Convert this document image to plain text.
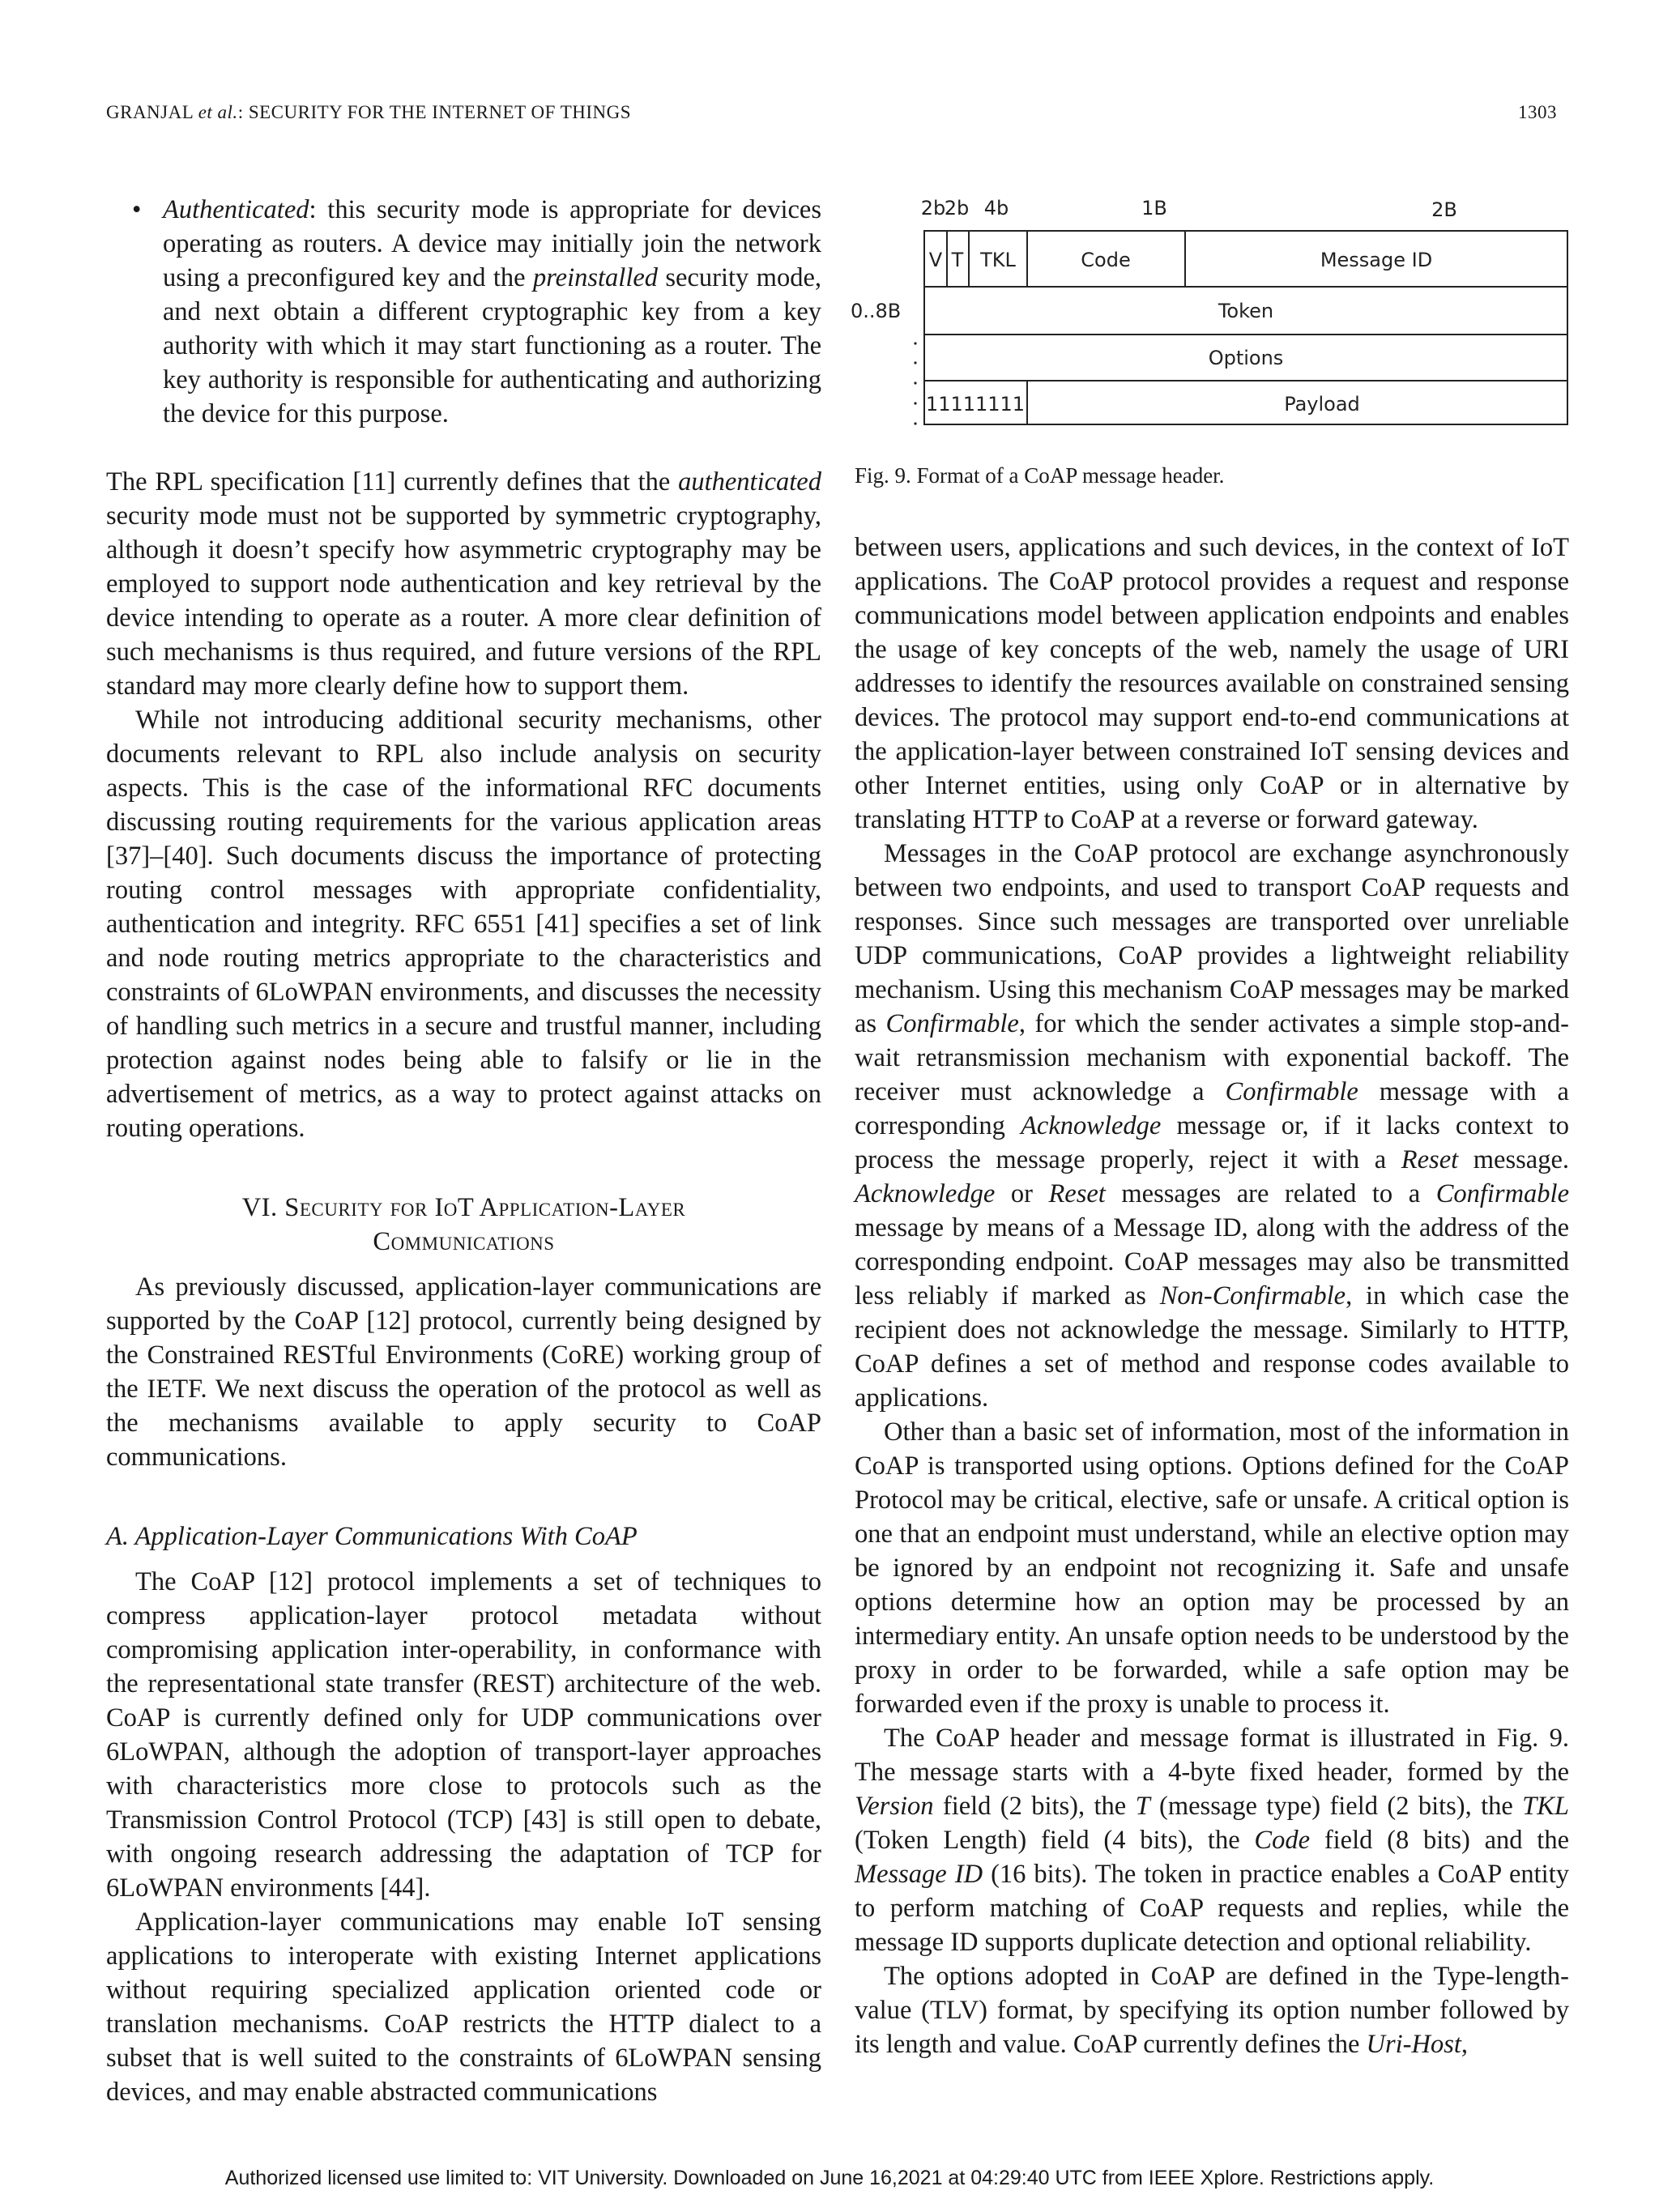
GRANJAL et al.: SECURITY FOR THE INTERNET OF THINGS	1303
2b
2b 4b	1B	2B
V T TKL	Code	Message ID
0..8B	Token
Options
11111111	Payload
Fig. 9. Format of a CoAP message header.
• Authenticated: this security mode is appropriate for devices operating as routers. A device may initially join the network using a preconfigured key and the preinstalled security mode, and next obtain a different cryptographic key from a key authority with which it may start functioning as a router. The key authority is responsible for authenticating and authorizing the device for this purpose.

The RPL specification [11] currently defines that the authenticated security mode must not be supported by symmetric cryptography, although it doesn’t specify how asymmetric cryptography may be employed to support node authentication and key retrieval by the device intending to operate as a router. A more clear definition of such mechanisms is thus required, and future versions of the RPL standard may more clearly define how to support them.

While not introducing additional security mechanisms, other documents relevant to RPL also include analysis on security aspects. This is the case of the informational RFC documents discussing routing requirements for the various application areas [37]–[40]. Such documents discuss the importance of protecting routing control messages with appropriate confidentiality, authentication and integrity. RFC 6551 [41] specifies a set of link and node routing metrics appropriate to the characteristics and constraints of 6LoWPAN environments, and discusses the necessity of handling such metrics in a secure and trustful manner, including protection against nodes being able to falsify or lie in the advertisement of metrics, as a way to protect against attacks on routing operations.

VI. Security for IoT Application-Layer
Communications

As previously discussed, application-layer communications are supported by the CoAP [12] protocol, currently being designed by the Constrained RESTful Environments (CoRE) working group of the IETF. We next discuss the operation of the protocol as well as the mechanisms available to apply security to CoAP communications.

A. Application-Layer Communications With CoAP

The CoAP [12] protocol implements a set of techniques to compress application-layer protocol metadata without compromising application inter-operability, in conformance with the representational state transfer (REST) architecture of the web. CoAP is currently defined only for UDP communications over 6LoWPAN, although the adoption of transport-layer approaches with characteristics more close to protocols such as the Transmission Control Protocol (TCP) [43] is still open to debate, with ongoing research addressing the adaptation of TCP for 6LoWPAN environments [44].

Application-layer communications may enable IoT sensing applications to interoperate with existing Internet applications without requiring specialized application oriented code or translation mechanisms. CoAP restricts the HTTP dialect to a subset that is well suited to the constraints of 6LoWPAN sensing devices, and may enable abstracted communications

between users, applications and such devices, in the context of IoT applications. The CoAP protocol provides a request and response communications model between application endpoints and enables the usage of key concepts of the web, namely the usage of URI addresses to identify the resources available on constrained sensing devices. The protocol may support end-to-end communications at the application-layer between constrained IoT sensing devices and other Internet entities, using only CoAP or in alternative by translating HTTP to CoAP at a reverse or forward gateway.

Messages in the CoAP protocol are exchange asynchronously between two endpoints, and used to transport CoAP requests and responses. Since such messages are transported over unreliable UDP communications, CoAP provides a lightweight reliability mechanism. Using this mechanism CoAP messages may be marked as Confirmable, for which the sender activates a simple stop-and-wait retransmission mechanism with exponential backoff. The receiver must acknowledge a Confirmable message with a corresponding Acknowledge message or, if it lacks context to process the message properly, reject it with a Reset message. Acknowledge or Reset messages are related to a Confirmable message by means of a Message ID, along with the address of the corresponding endpoint. CoAP messages may also be transmitted less reliably if marked as Non-Confirmable, in which case the recipient does not acknowledge the message. Similarly to HTTP, CoAP defines a set of method and response codes available to applications.

Other than a basic set of information, most of the information in CoAP is transported using options. Options defined for the CoAP Protocol may be critical, elective, safe or unsafe. A critical option is one that an endpoint must understand, while an elective option may be ignored by an endpoint not recognizing it. Safe and unsafe options determine how an option may be processed by an intermediary entity. An unsafe option needs to be understood by the proxy in order to be forwarded, while a safe option may be forwarded even if the proxy is unable to process it.

The CoAP header and message format is illustrated in Fig. 9. The message starts with a 4-byte fixed header, formed by the Version field (2 bits), the T (message type) field (2 bits), the TKL (Token Length) field (4 bits), the Code field (8 bits) and the Message ID (16 bits). The token in practice enables a CoAP entity to perform matching of CoAP requests and replies, while the message ID supports duplicate detection and optional reliability.

The options adopted in CoAP are defined in the Type-length-value (TLV) format, by specifying its option number followed by its length and value. CoAP currently defines the Uri-Host,

Authorized licensed use limited to: VIT University. Downloaded on June 16,2021 at 04:29:40 UTC from IEEE Xplore. Restrictions apply.
